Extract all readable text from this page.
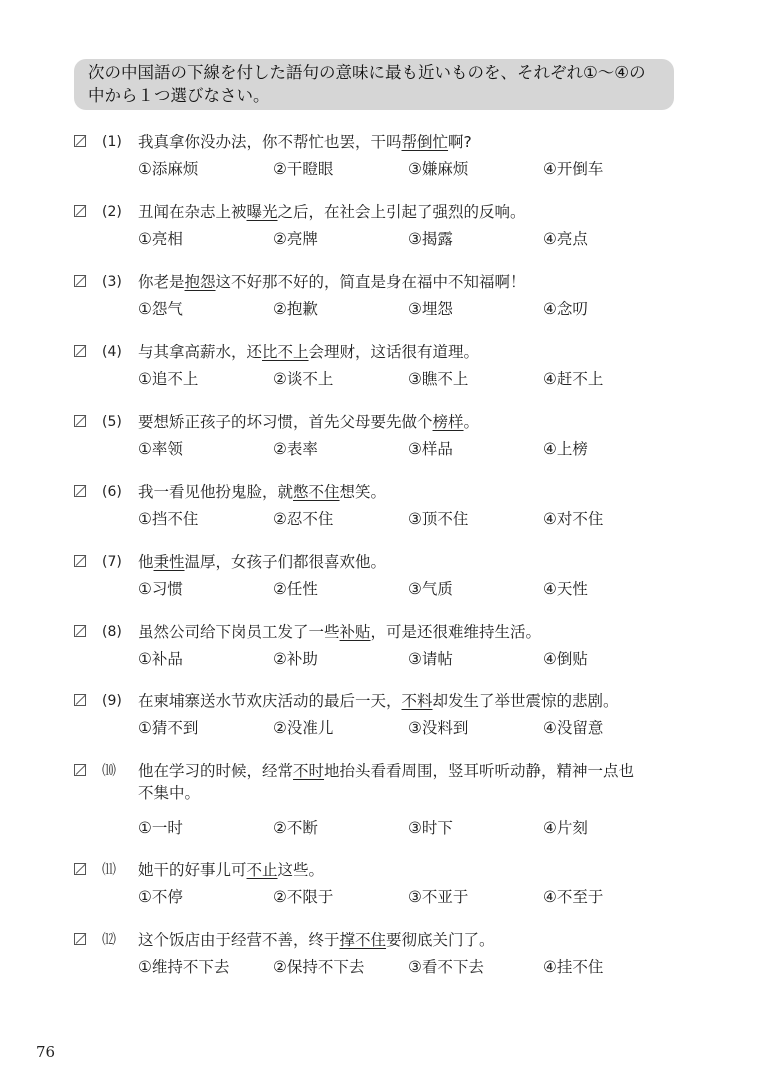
次の中国語の下線を付した語句の意味に最も近いものを、それぞれ①～④の
中から１つ選びなさい。
(1) 我真拿你没办法，你不帮忙也罢，干吗帮倒忙啊?
①添麻烦	②干瞪眼	③嫌麻烦	④开倒车
(2) 丑闻在杂志上被曝光之后，在社会上引起了强烈的反响。
①亮相	②亮牌	③揭露	④亮点
(3) 你老是抱怨这不好那不好的，简直是身在福中不知福啊！
①怨气	②抱歉	③埋怨	④念叨
(4) 与其拿高薪水，还比不上会理财，这话很有道理。
①追不上	②谈不上	③瞧不上	④赶不上
(5) 要想矫正孩子的坏习惯，首先父母要先做个榜样。
①率领	②表率	③样品	④上榜
(6) 我一看见他扮鬼脸，就憋不住想笑。
①挡不住	②忍不住	③顶不住	④对不住
(7) 他秉性温厚，女孩子们都很喜欢他。
①习惯	②任性	③气质	④天性
(8) 虽然公司给下岗员工发了一些补贴，可是还很难维持生活。
①补品	②补助	③请帖	④倒贴
(9) 在柬埔寨送水节欢庆活动的最后一天，不料却发生了举世震惊的悲剧。
①猜不到	②没准儿	③没料到	④没留意
⑽ 他在学习的时候，经常不时地抬头看看周围，竖耳听听动静，精神一点也
不集中。
①一时	②不断	③时下	④片刻
⑾ 她干的好事儿可不止这些。
①不停	②不限于	③不亚于	④不至于
⑿ 这个饭店由于经营不善，终于撑不住要彻底关门了。
①维持不下去	②保持不下去	③看不下去	④挂不住
76
